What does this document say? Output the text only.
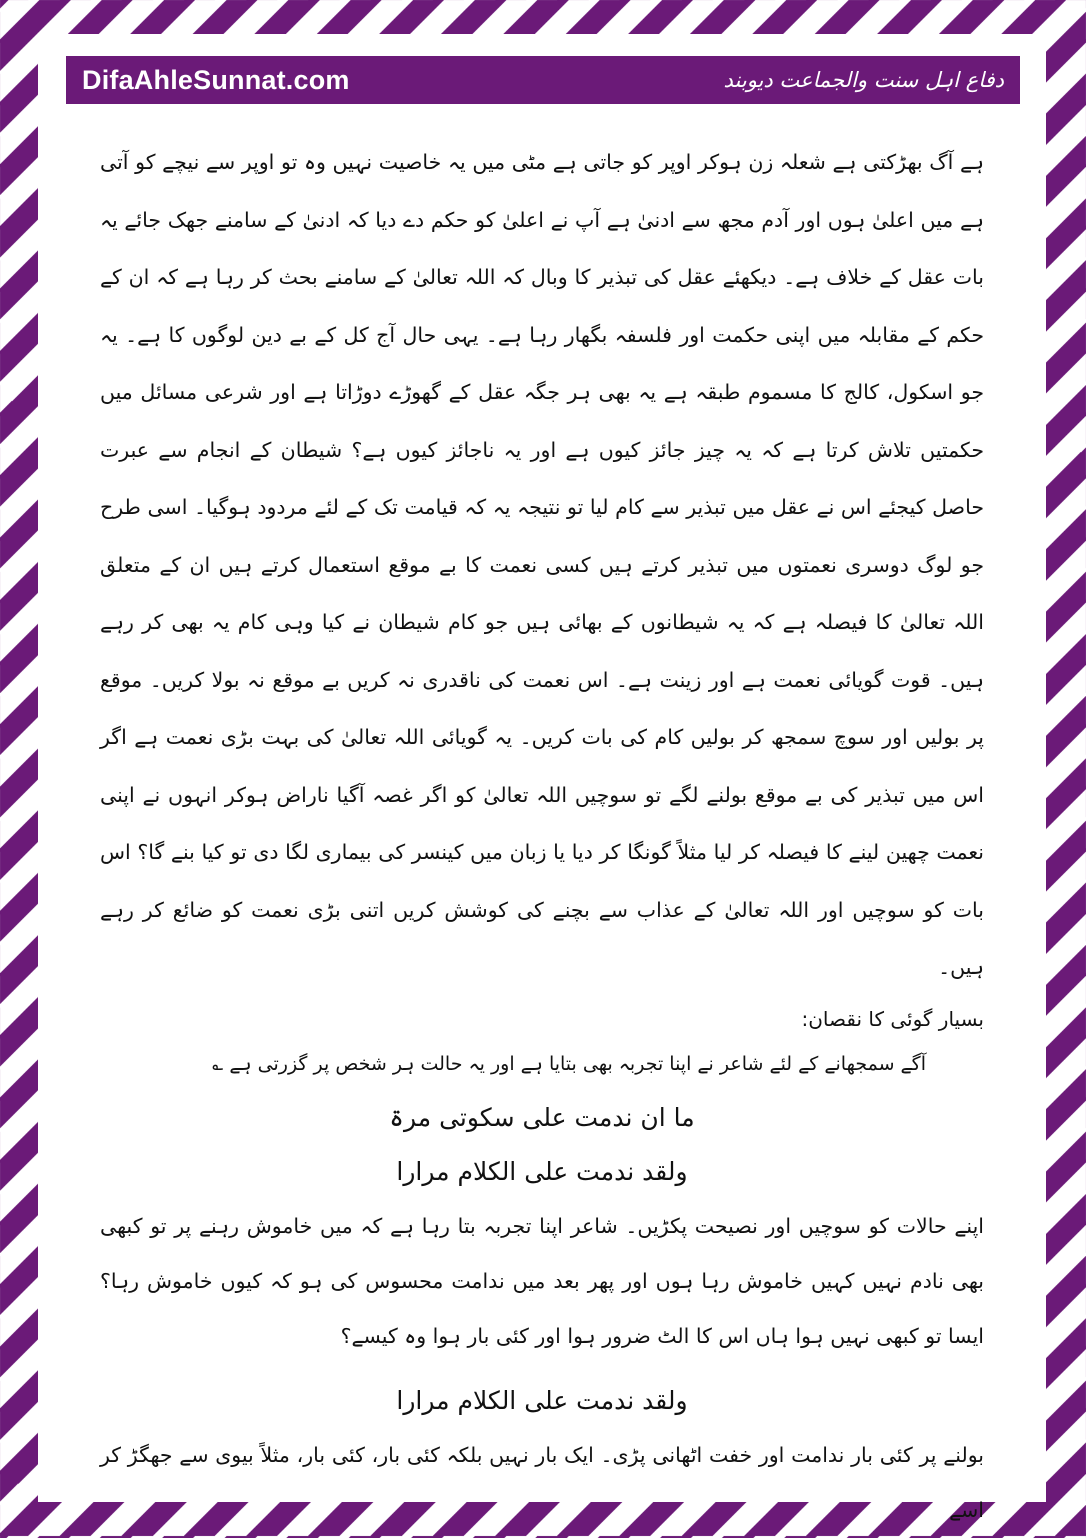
DifaAhleSunnat.com	دفاع اہل سنت والجماعت دیوبند

ہے آگ بھڑکتی ہے شعلہ زن ہوکر اوپر کو جاتی ہے مٹی میں یہ خاصیت نہیں وہ تو اوپر سے نیچے کو آتی ہے میں اعلیٰ ہوں اور آدم مجھ سے ادنیٰ ہے آپ نے اعلیٰ کو حکم دے دیا کہ ادنیٰ کے سامنے جھک جائے یہ بات عقل کے خلاف ہے۔ دیکھئے عقل کی تبذیر کا وبال کہ اللہ تعالیٰ کے سامنے بحث کر رہا ہے کہ ان کے حکم کے مقابلہ میں اپنی حکمت اور فلسفہ بگھار رہا ہے۔ یہی حال آج کل کے بے دین لوگوں کا ہے۔ یہ جو اسکول، کالج کا مسموم طبقہ ہے یہ بھی ہر جگہ عقل کے گھوڑے دوڑاتا ہے اور شرعی مسائل میں حکمتیں تلاش کرتا ہے کہ یہ چیز جائز کیوں ہے اور یہ ناجائز کیوں ہے؟ شیطان کے انجام سے عبرت حاصل کیجئے اس نے عقل میں تبذیر سے کام لیا تو نتیجہ یہ کہ قیامت تک کے لئے مردود ہوگیا۔ اسی طرح جو لوگ دوسری نعمتوں میں تبذیر کرتے ہیں کسی نعمت کا بے موقع استعمال کرتے ہیں ان کے متعلق اللہ تعالیٰ کا فیصلہ ہے کہ یہ شیطانوں کے بھائی ہیں جو کام شیطان نے کیا وہی کام یہ بھی کر رہے ہیں۔ قوت گویائی نعمت ہے اور زینت ہے۔ اس نعمت کی ناقدری نہ کریں بے موقع نہ بولا کریں۔ موقع پر بولیں اور سوچ سمجھ کر بولیں کام کی بات کریں۔ یہ گویائی اللہ تعالیٰ کی بہت بڑی نعمت ہے اگر اس میں تبذیر کی بے موقع بولنے لگے تو سوچیں اللہ تعالیٰ کو اگر غصہ آگیا ناراض ہوکر انہوں نے اپنی نعمت چھین لینے کا فیصلہ کر لیا مثلاً گونگا کر دیا یا زبان میں کینسر کی بیماری لگا دی تو کیا بنے گا؟ اس بات کو سوچیں اور اللہ تعالیٰ کے عذاب سے بچنے کی کوشش کریں اتنی بڑی نعمت کو ضائع کر رہے ہیں۔

بسیار گوئی کا نقصان:

آگے سمجھانے کے لئے شاعر نے اپنا تجربہ بھی بتایا ہے اور یہ حالت ہر شخص پر گزرتی ہے ؎

ما ان ندمت علی سکوتی مرۃ

ولقد ندمت علی الکلام مرارا

اپنے حالات کو سوچیں اور نصیحت پکڑیں۔ شاعر اپنا تجربہ بتا رہا ہے کہ میں خاموش رہنے پر تو کبھی بھی نادم نہیں کہیں خاموش رہا ہوں اور پھر بعد میں ندامت محسوس کی ہو کہ کیوں خاموش رہا؟ ایسا تو کبھی نہیں ہوا ہاں اس کا الٹ ضرور ہوا اور کئی بار ہوا وہ کیسے؟

ولقد ندمت علی الکلام مرارا

بولنے پر کئی بار ندامت اور خفت اٹھانی پڑی۔ ایک بار نہیں بلکہ کئی بار، کئی بار، مثلاً بیوی سے جھگڑ کر اسے
